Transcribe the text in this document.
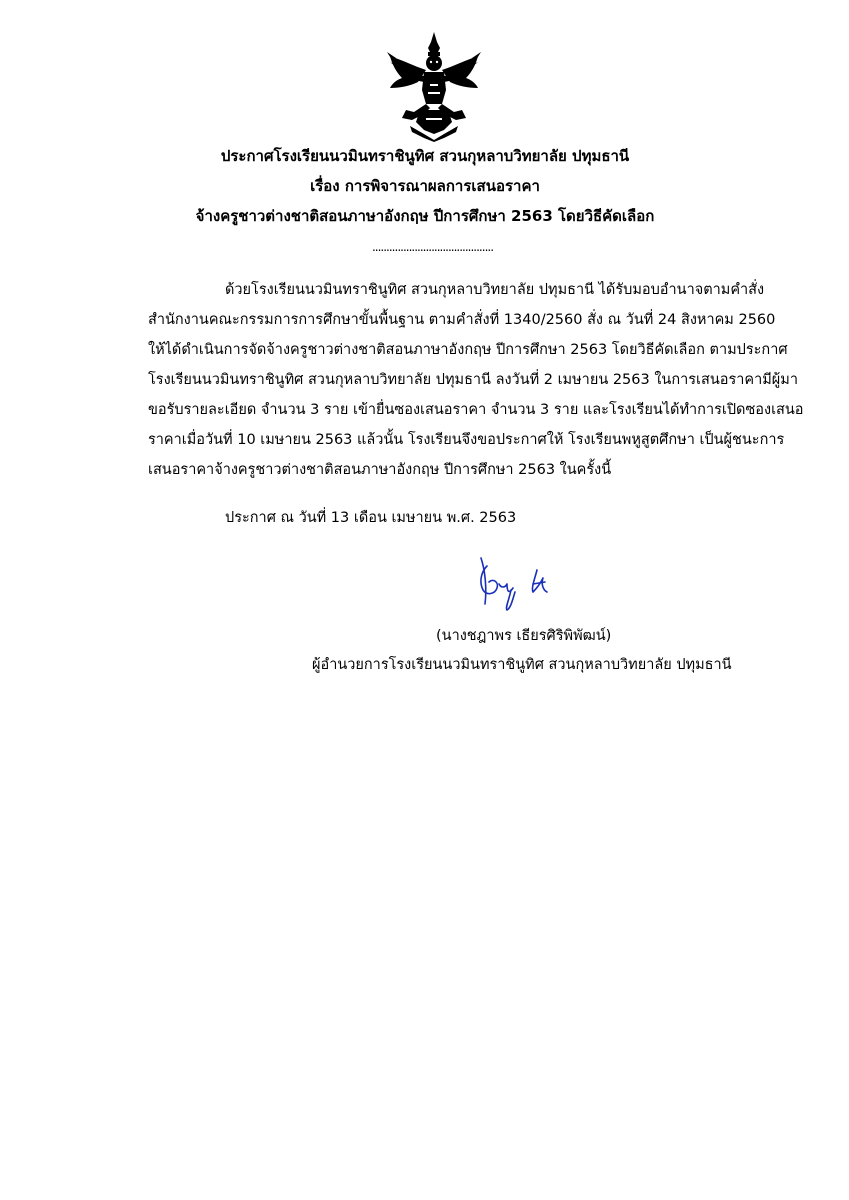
ประกาศโรงเรียนนวมินทราชินูทิศ สวนกุหลาบวิทยาลัย ปทุมธานี
เรื่อง การพิจารณาผลการเสนอราคา
จ้างครูชาวต่างชาติสอนภาษาอังกฤษ ปีการศึกษา 2563 โดยวิธีคัดเลือก
...........................................
ด้วยโรงเรียนนวมินทราชินูทิศ สวนกุหลาบวิทยาลัย ปทุมธานี ได้รับมอบอำนาจตามคำสั่ง
สำนักงานคณะกรรมการการศึกษาขั้นพื้นฐาน ตามคำสั่งที่ 1340/2560 สั่ง ณ วันที่ 24 สิงหาคม 2560
ให้ได้ดำเนินการจัดจ้างครูชาวต่างชาติสอนภาษาอังกฤษ ปีการศึกษา 2563 โดยวิธีคัดเลือก ตามประกาศ
โรงเรียนนวมินทราชินูทิศ สวนกุหลาบวิทยาลัย ปทุมธานี ลงวันที่ 2 เมษายน 2563 ในการเสนอราคามีผู้มา
ขอรับรายละเอียด จำนวน 3 ราย เข้ายื่นซองเสนอราคา จำนวน 3 ราย และโรงเรียนได้ทำการเปิดซองเสนอ
ราคาเมื่อวันที่ 10 เมษายน 2563 แล้วนั้น โรงเรียนจึงขอประกาศให้ โรงเรียนพหูสูตศึกษา เป็นผู้ชนะการ
เสนอราคาจ้างครูชาวต่างชาติสอนภาษาอังกฤษ ปีการศึกษา 2563 ในครั้งนี้
ประกาศ ณ วันที่ 13 เดือน เมษายน พ.ศ. 2563
(นางชฎาพร เธียรศิริพิพัฒน์)
ผู้อำนวยการโรงเรียนนวมินทราชินูทิศ สวนกุหลาบวิทยาลัย ปทุมธานี
